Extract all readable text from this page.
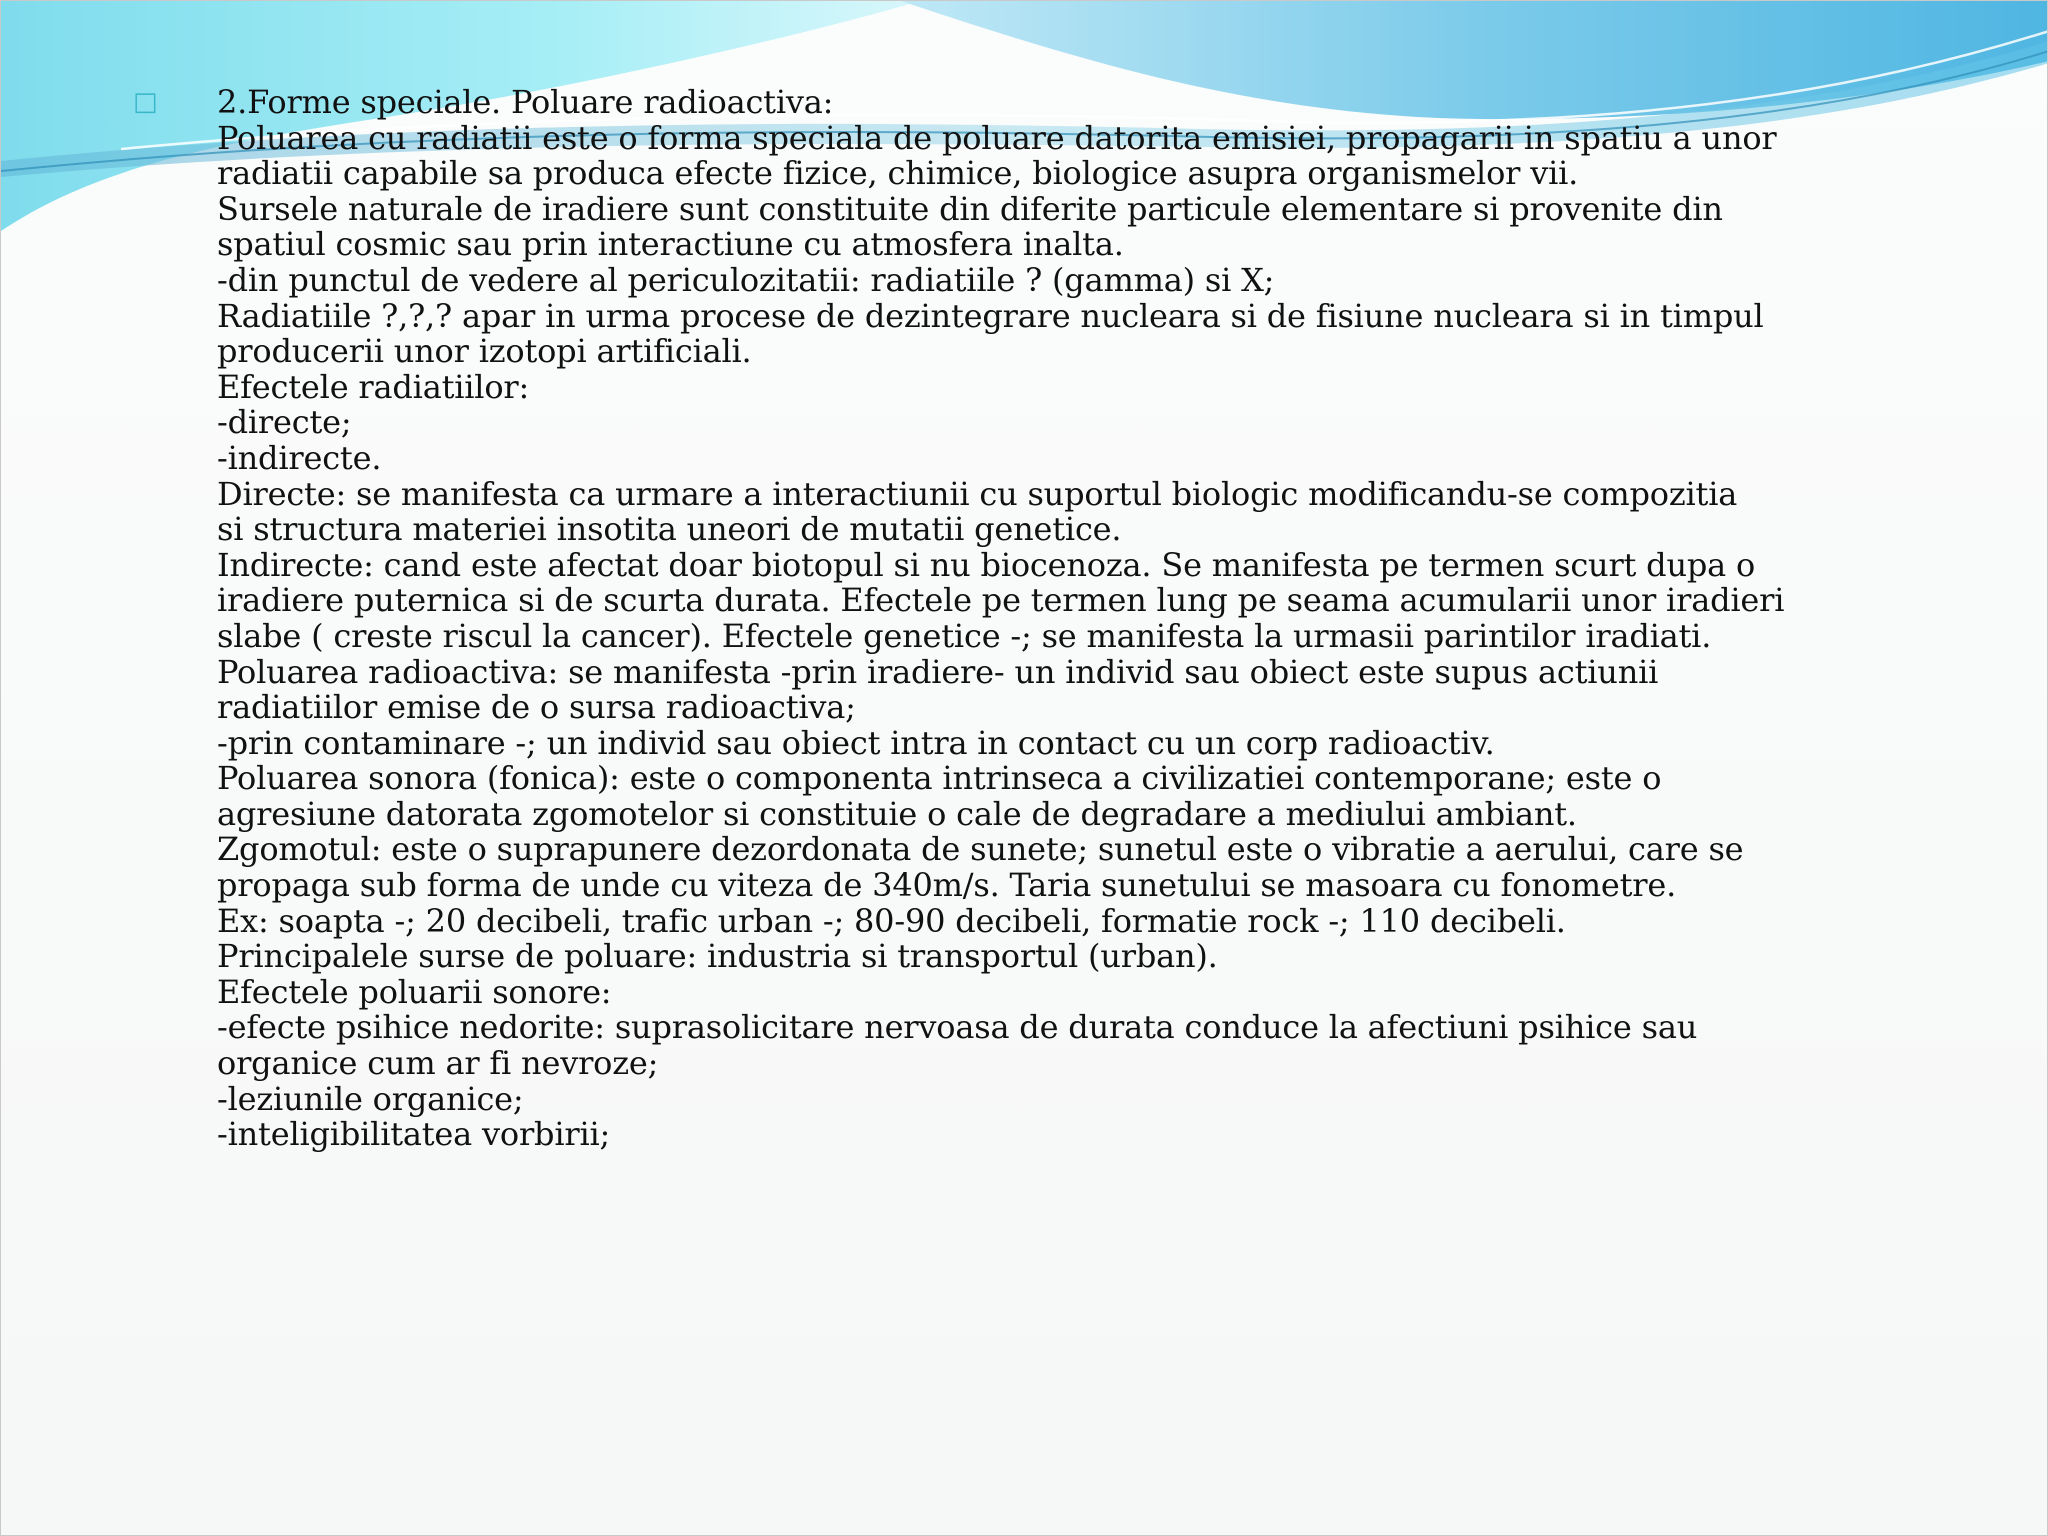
□ 2.Forme speciale. Poluare radioactiva:
Poluarea cu radiatii este o forma speciala de poluare datorita emisiei, propagarii in spatiu a unor
radiatii capabile sa produca efecte fizice, chimice, biologice asupra organismelor vii.
Sursele naturale de iradiere sunt constituite din diferite particule elementare si provenite din
spatiul cosmic sau prin interactiune cu atmosfera inalta.
-din punctul de vedere al periculozitatii: radiatiile ? (gamma) si X;
Radiatiile ?,?,? apar in urma procese de dezintegrare nucleara si de fisiune nucleara si in timpul
producerii unor izotopi artificiali.
Efectele radiatiilor:
-directe;
-indirecte.
Directe: se manifesta ca urmare a interactiunii cu suportul biologic modificandu-se compozitia
si structura materiei insotita uneori de mutatii genetice.
Indirecte: cand este afectat doar biotopul si nu biocenoza. Se manifesta pe termen scurt dupa o
iradiere puternica si de scurta durata. Efectele pe termen lung pe seama acumularii unor iradieri
slabe ( creste riscul la cancer). Efectele genetice -; se manifesta la urmasii parintilor iradiati.
Poluarea radioactiva: se manifesta -prin iradiere- un individ sau obiect este supus actiunii
radiatiilor emise de o sursa radioactiva;
-prin contaminare -; un individ sau obiect intra in contact cu un corp radioactiv.
Poluarea sonora (fonica): este o componenta intrinseca a civilizatiei contemporane; este o
agresiune datorata zgomotelor si constituie o cale de degradare a mediului ambiant.
Zgomotul: este o suprapunere dezordonata de sunete; sunetul este o vibratie a aerului, care se
propaga sub forma de unde cu viteza de 340m/s. Taria sunetului se masoara cu fonometre.
Ex: soapta -; 20 decibeli, trafic urban -; 80-90 decibeli, formatie rock -; 110 decibeli.
Principalele surse de poluare: industria si transportul (urban).
Efectele poluarii sonore:
-efecte psihice nedorite: suprasolicitare nervoasa de durata conduce la afectiuni psihice sau
organice cum ar fi nevroze;
-leziunile organice;
-inteligibilitatea vorbirii;
